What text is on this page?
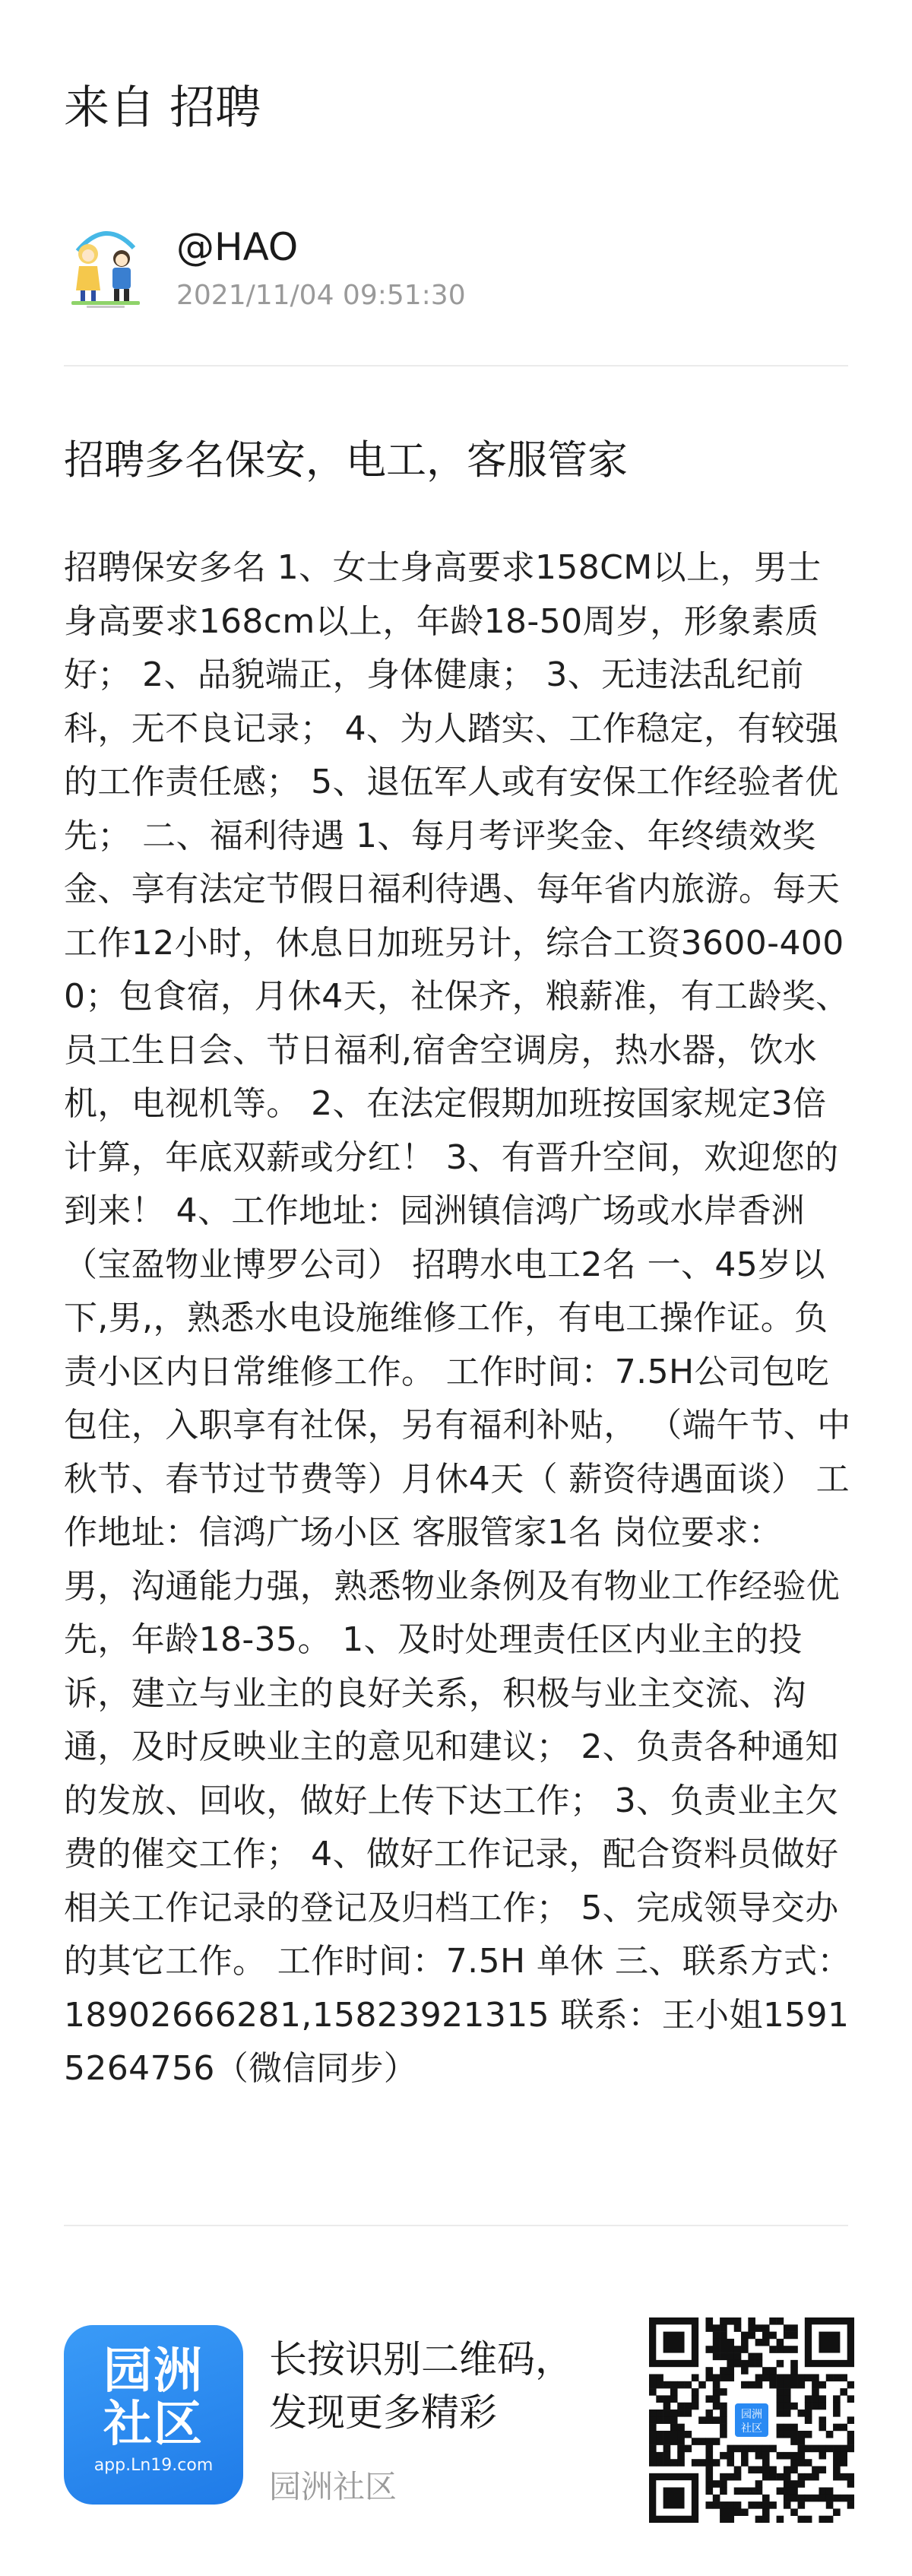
来自 招聘
@HAO
2021/11/04 09:51:30
招聘多名保安，电工，客服管家
招聘保安多名 1、女士身高要求158CM以上，男士身高要求168cm以上，年龄18-50周岁，形象素质好； 2、品貌端正，身体健康； 3、无违法乱纪前科，无不良记录； 4、为人踏实、工作稳定，有较强的工作责任感； 5、退伍军人或有安保工作经验者优先； 二、福利待遇 1、每月考评奖金、年终绩效奖金、享有法定节假日福利待遇、每年省内旅游。每天工作12小时，休息日加班另计，综合工资3600-4000；包食宿，月休4天，社保齐，粮薪准，有工龄奖、员工生日会、节日福利,宿舍空调房，热水器，饮水机，电视机等。 2、在法定假期加班按国家规定3倍计算，年底双薪或分红！ 3、有晋升空间，欢迎您的到来！ 4、工作地址：园洲镇信鸿广场或水岸香洲（宝盈物业博罗公司） 招聘水电工2名 一、45岁以下,男,，熟悉水电设施维修工作，有电工操作证。负责小区内日常维修工作。 工作时间：7.5H公司包吃包住，入职享有社保，另有福利补贴， （端午节、中秋节、春节过节费等）月休4天（ 薪资待遇面谈） 工作地址：信鸿广场小区 客服管家1名 岗位要求： 男，沟通能力强，熟悉物业条例及有物业工作经验优先，年龄18-35。 1、及时处理责任区内业主的投诉，建立与业主的良好关系，积极与业主交流、沟通，及时反映业主的意见和建议； 2、负责各种通知的发放、回收，做好上传下达工作； 3、负责业主欠费的催交工作； 4、做好工作记录，配合资料员做好相关工作记录的登记及归档工作； 5、完成领导交办的其它工作。 工作时间：7.5H 单休 三、联系方式：18902666281,15823921315 联系：王小姐15915264756（微信同步）
园洲
社区
app.Ln19.com
长按识别二维码，
发现更多精彩
园洲社区
园洲
社区
